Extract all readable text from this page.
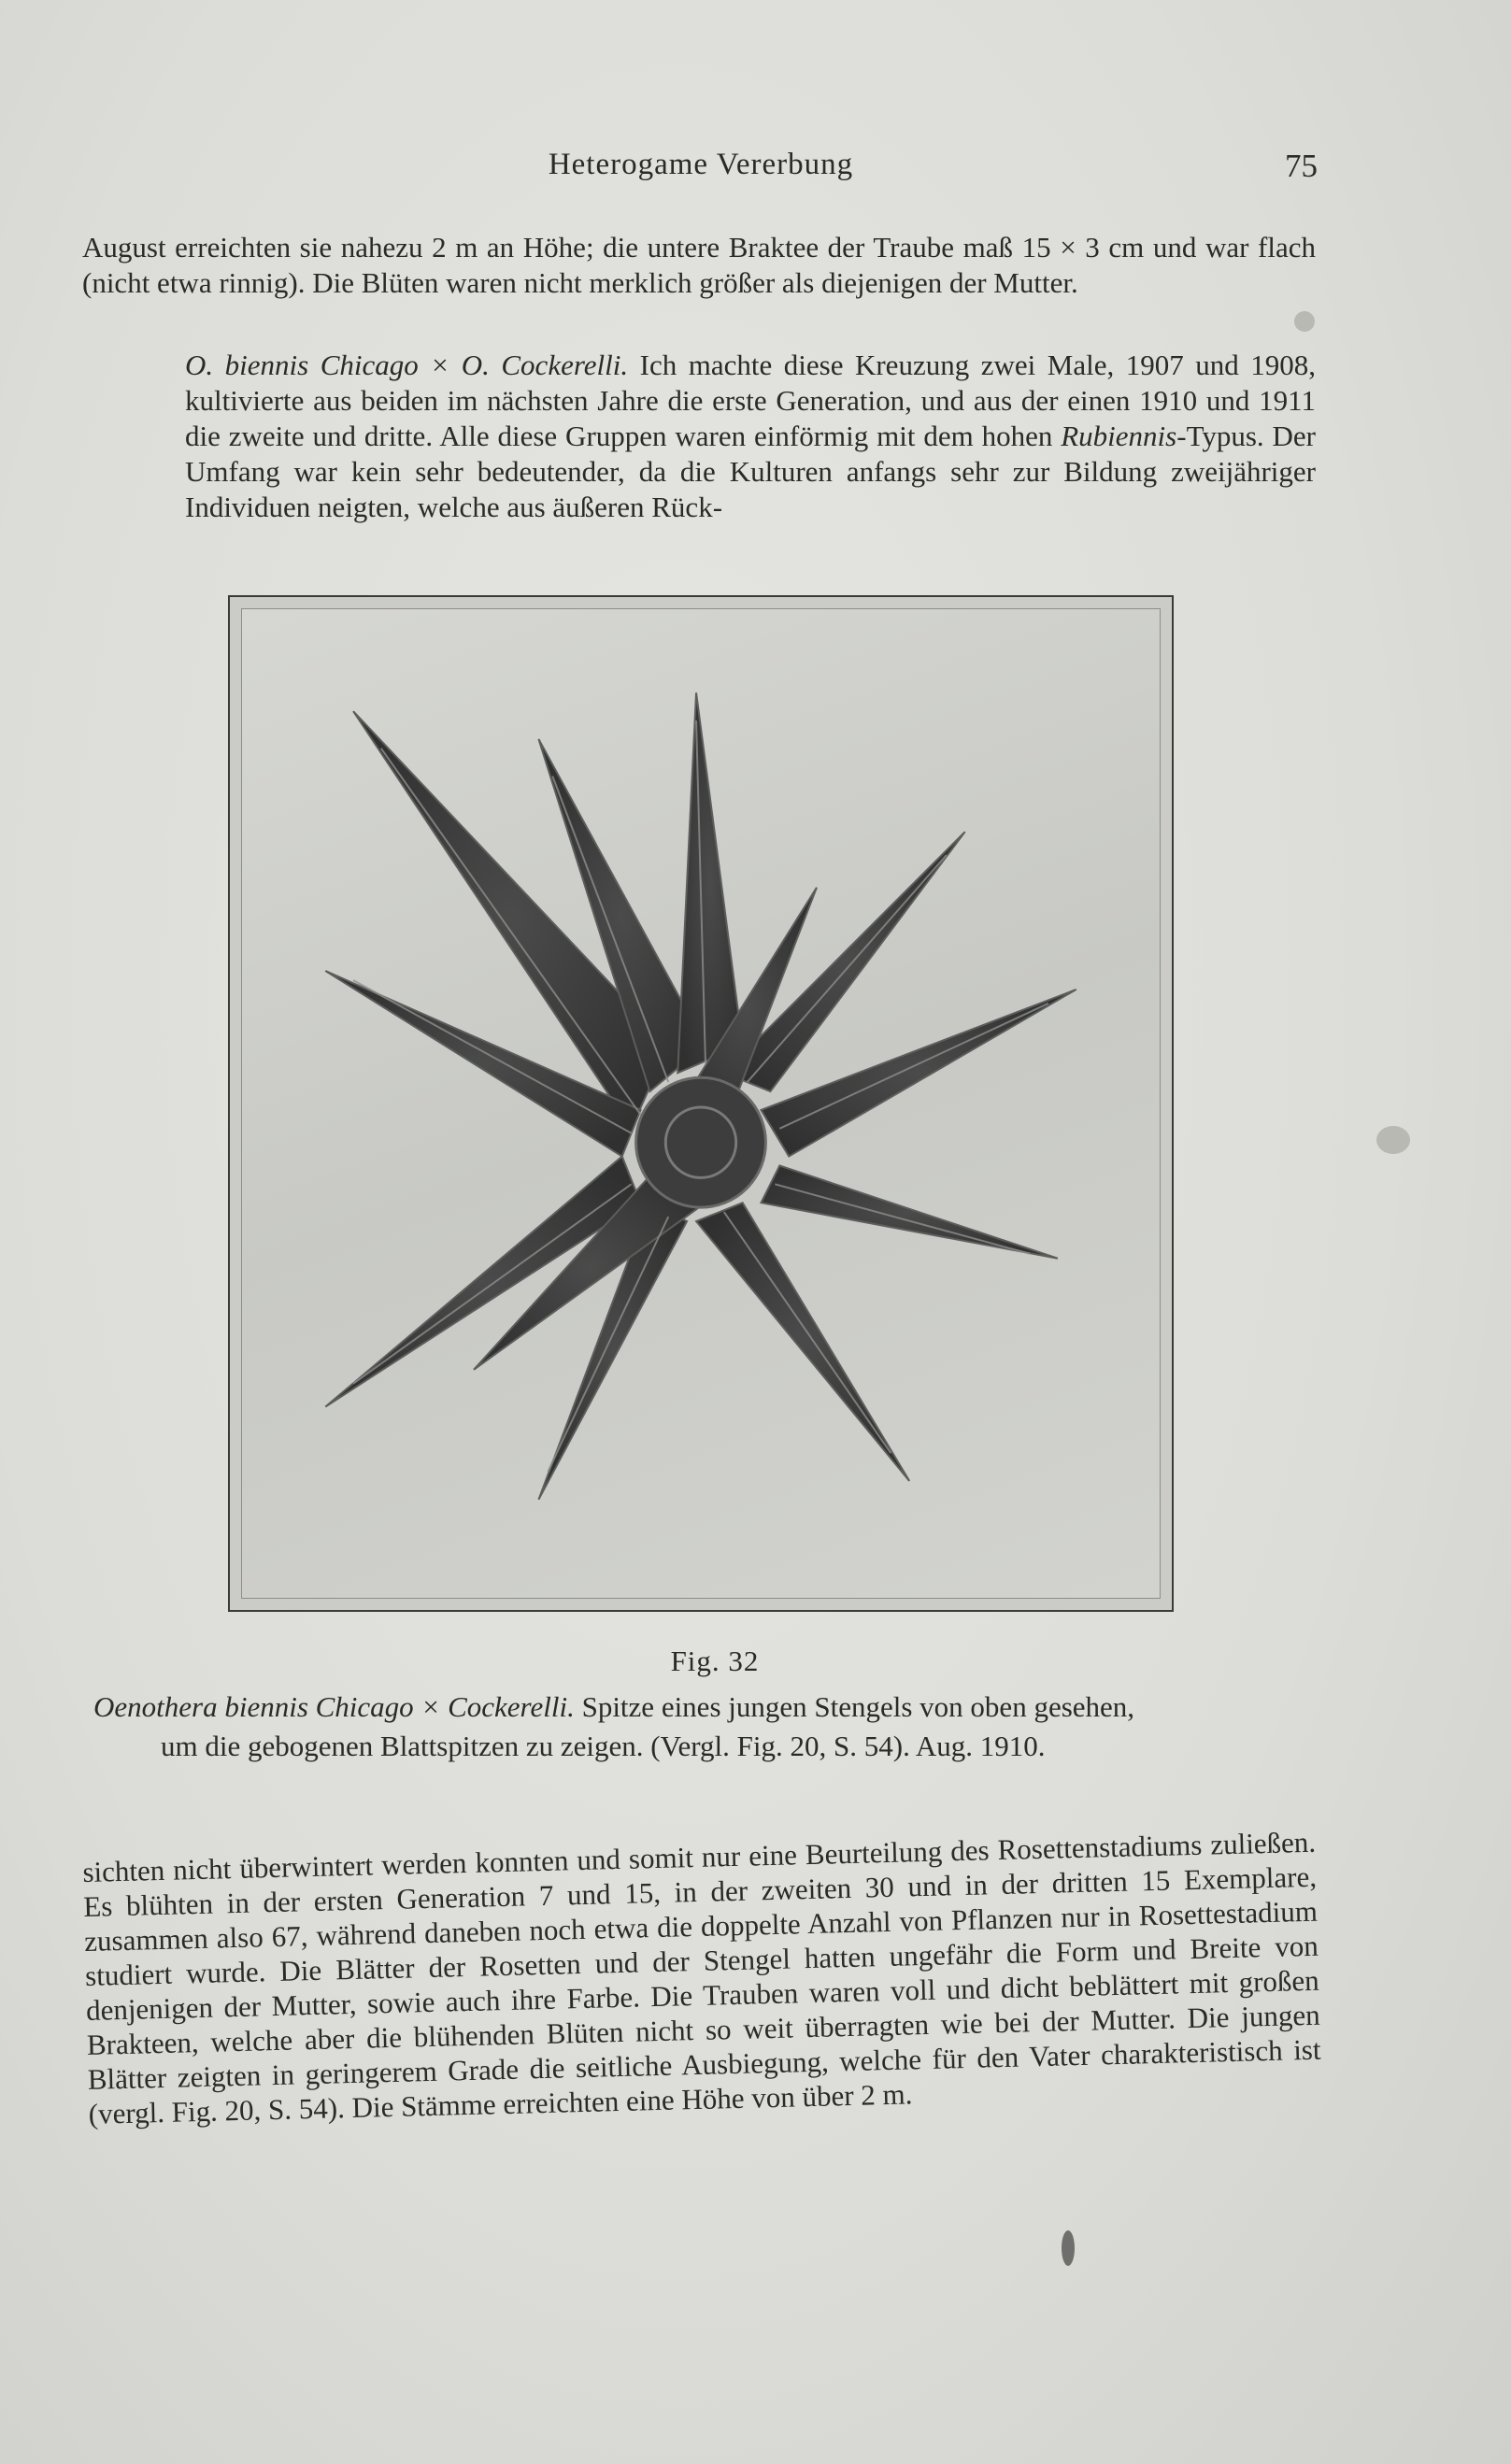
Heterogame Vererbung	75

August erreichten sie nahezu 2 m an Höhe; die untere Braktee der Traube maß 15 × 3 cm und war flach (nicht etwa rinnig). Die Blüten waren nicht merklich größer als diejenigen der Mutter.

O. biennis Chicago × O. Cockerelli. Ich machte diese Kreuzung zwei Male, 1907 und 1908, kultivierte aus beiden im nächsten Jahre die erste Generation, und aus der einen 1910 und 1911 die zweite und dritte. Alle diese Gruppen waren einförmig mit dem hohen Rubiennis-Typus. Der Umfang war kein sehr bedeutender, da die Kulturen anfangs sehr zur Bildung zweijähriger Individuen neigten, welche aus äußeren Rück-

Fig. 32
Oenothera biennis Chicago × Cockerelli. Spitze eines jungen Stengels von oben gesehen,
um die gebogenen Blattspitzen zu zeigen. (Vergl. Fig. 20, S. 54). Aug. 1910.

sichten nicht überwintert werden konnten und somit nur eine Beurteilung des Rosettenstadiums zuließen. Es blühten in der ersten Generation 7 und 15, in der zweiten 30 und in der dritten 15 Exemplare, zusammen also 67, während daneben noch etwa die doppelte Anzahl von Pflanzen nur in Rosettestadium studiert wurde. Die Blätter der Rosetten und der Stengel hatten ungefähr die Form und Breite von denjenigen der Mutter, sowie auch ihre Farbe. Die Trauben waren voll und dicht beblättert mit großen Brakteen, welche aber die blühenden Blüten nicht so weit überragten wie bei der Mutter. Die jungen Blätter zeigten in geringerem Grade die seitliche Ausbiegung, welche für den Vater charakteristisch ist (vergl. Fig. 20, S. 54). Die Stämme erreichten eine Höhe von über 2 m.
